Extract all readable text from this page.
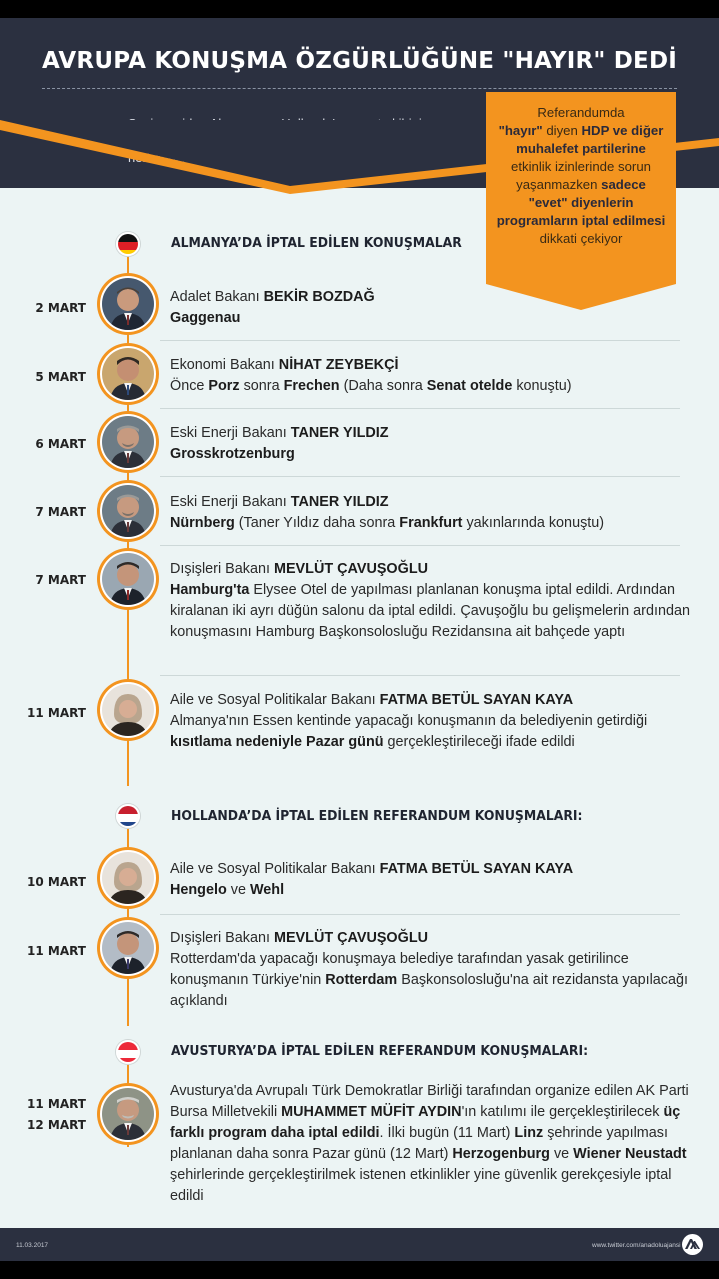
AVRUPA KONUŞMA ÖZGÜRLÜĞÜNE "HAYIR" DEDİ
Referandumda
"hayır" diyen HDP ve diğer muhalefet partilerine etkinlik izinlerinde sorun yaşanmazken sadece "evet" diyenlerin programların iptal edilmesi dikkati çekiyor
ALMANYA’DA İPTAL EDİLEN KONUŞMALAR
2 MART
Adalet Bakanı BEKİR BOZDAĞ
Gaggenau
5 MART
Ekonomi Bakanı NİHAT ZEYBEKÇİ
Önce Porz sonra Frechen (Daha sonra Senat otelde konuştu)
6 MART
Eski Enerji Bakanı TANER YILDIZ
Grosskrotzenburg
7 MART
Eski Enerji Bakanı TANER YILDIZ
Nürnberg (Taner Yıldız daha sonra Frankfurt yakınlarında konuştu)
7 MART
Dışişleri Bakanı MEVLÜT ÇAVUŞOĞLU
Hamburg'ta Elysee Otel de yapılması planlanan konuşma iptal edildi. Ardından kiralanan iki ayrı düğün salonu da iptal edildi. Çavuşoğlu bu gelişmelerin ardından konuşmasını Hamburg Başkonsolosluğu Rezidansına ait bahçede yaptı
11 MART
Aile ve Sosyal Politikalar Bakanı FATMA BETÜL SAYAN KAYA
Almanya'nın Essen kentinde yapacağı konuşmanın da belediyenin getirdiği kısıtlama nedeniyle Pazar günü gerçekleştirileceği ifade edildi
HOLLANDA’DA İPTAL EDİLEN REFERANDUM KONUŞMALARI:
10 MART
Aile ve Sosyal Politikalar Bakanı FATMA BETÜL SAYAN KAYA
Hengelo ve Wehl
11 MART
Dışişleri Bakanı MEVLÜT ÇAVUŞOĞLU
Rotterdam'da yapacağı konuşmaya belediye tarafından yasak getirilince konuşmanın Türkiye'nin Rotterdam Başkonsolosluğu'na ait rezidansta yapılacağı açıklandı
AVUSTURYA’DA İPTAL EDİLEN REFERANDUM KONUŞMALARI:
11 MART
12 MART
Avusturya'da Avrupalı Türk Demokratlar Birliği tarafından organize edilen AK Parti Bursa Milletvekili MUHAMMET MÜFİT AYDIN'ın katılımı ile gerçekleştirilecek üç farklı program daha iptal edildi. İlki bugün (11 Mart) Linz şehrinde yapılması planlanan daha sonra Pazar günü (12 Mart) Herzogenburg ve Wiener Neustadt şehirlerinde gerçekleştirilmek istenen etkinlikler yine güvenlik gerekçesiyle iptal edildi
11.03.2017	www.twitter.com/anadoluajansi
